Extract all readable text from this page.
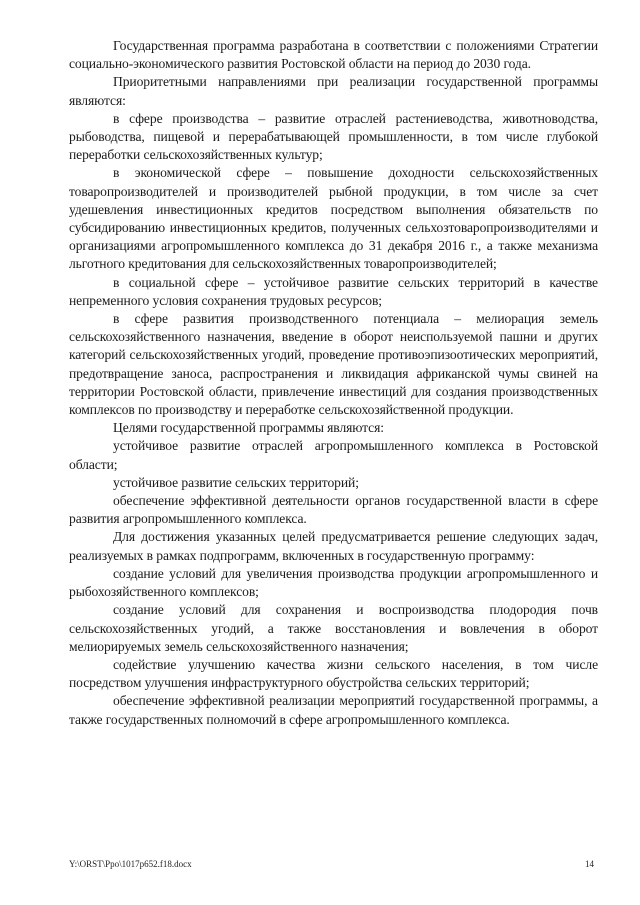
Государственная программа разработана в соответствии с положениями Стратегии социально-экономического развития Ростовской области на период до 2030 года.

Приоритетными направлениями при реализации государственной программы являются:

в сфере производства – развитие отраслей растениеводства, животноводства, рыбоводства, пищевой и перерабатывающей промышленности, в том числе глубокой переработки сельскохозяйственных культур;

в экономической сфере – повышение доходности сельскохозяйственных товаропроизводителей и производителей рыбной продукции, в том числе за счет удешевления инвестиционных кредитов посредством выполнения обязательств по субсидированию инвестиционных кредитов, полученных сельхозтоваропроизводителями и организациями агропромышленного комплекса до 31 декабря 2016 г., а также механизма льготного кредитования для сельскохозяйственных товаропроизводителей;

в социальной сфере – устойчивое развитие сельских территорий в качестве непременного условия сохранения трудовых ресурсов;

в сфере развития производственного потенциала – мелиорация земель сельскохозяйственного назначения, введение в оборот неиспользуемой пашни и других категорий сельскохозяйственных угодий, проведение противоэпизоотических мероприятий, предотвращение заноса, распространения и ликвидация африканской чумы свиней на территории Ростовской области, привлечение инвестиций для создания производственных комплексов по производству и переработке сельскохозяйственной продукции.

Целями государственной программы являются:

устойчивое развитие отраслей агропромышленного комплекса в Ростовской области;

устойчивое развитие сельских территорий;

обеспечение эффективной деятельности органов государственной власти в сфере развития агропромышленного комплекса.

Для достижения указанных целей предусматривается решение следующих задач, реализуемых в рамках подпрограмм, включенных в государственную программу:

создание условий для увеличения производства продукции агропромышленного и рыбохозяйственного комплексов;

создание условий для сохранения и воспроизводства плодородия почв сельскохозяйственных угодий, а также восстановления и вовлечения в оборот мелиорируемых земель сельскохозяйственного назначения;

содействие улучшению качества жизни сельского населения, в том числе посредством улучшения инфраструктурного обустройства сельских территорий;

обеспечение эффективной реализации мероприятий государственной программы, а также государственных полномочий в сфере агропромышленного комплекса.

Y:\ORST\Ppo\1017p652.f18.docx	14
